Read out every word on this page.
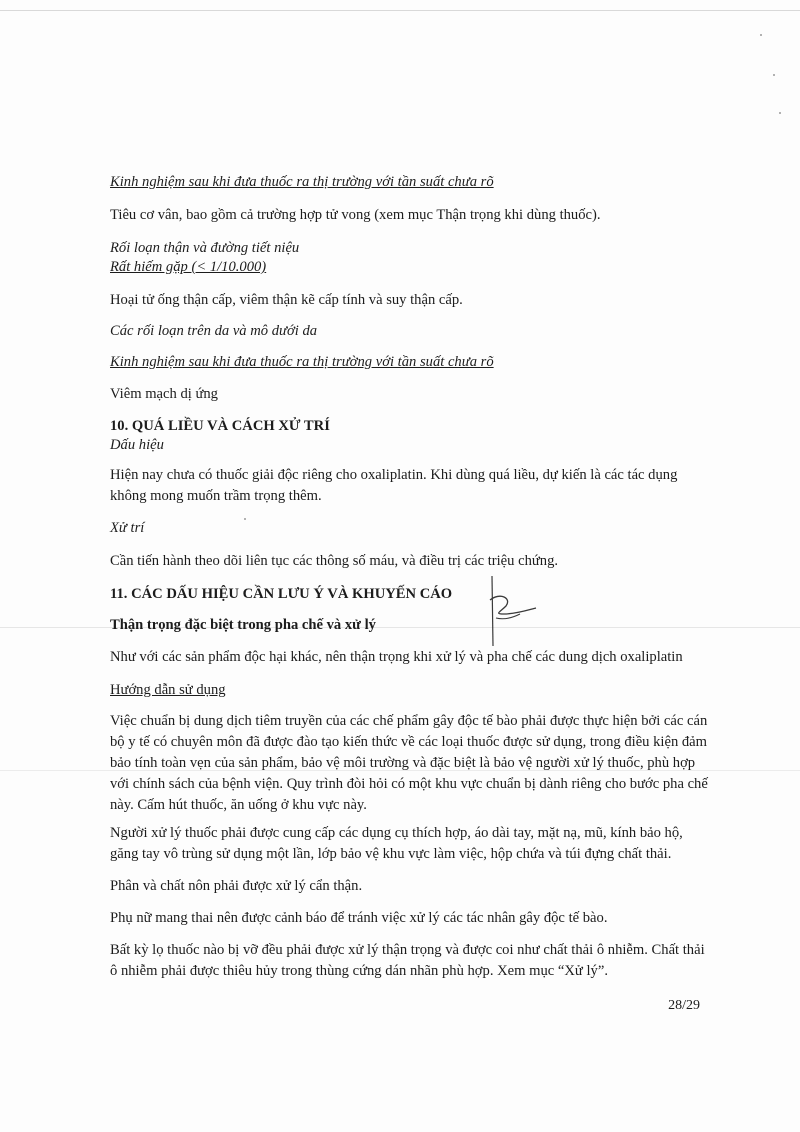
Kinh nghiệm sau khi đưa thuốc ra thị trường với tần suất chưa rõ
Tiêu cơ vân, bao gồm cả trường hợp tử vong (xem mục Thận trọng khi dùng thuốc).
Rối loạn thận và đường tiết niệu
Rất hiếm gặp (< 1/10.000)
Hoại tử ống thận cấp, viêm thận kẽ cấp tính và suy thận cấp.
Các rối loạn trên da và mô dưới da
Kinh nghiệm sau khi đưa thuốc ra thị trường với tần suất chưa rõ
Viêm mạch dị ứng
10. QUÁ LIỀU VÀ CÁCH XỬ TRÍ
Dấu hiệu
Hiện nay chưa có thuốc giải độc riêng cho oxaliplatin. Khi dùng quá liều, dự kiến là các tác dụng không mong muốn trầm trọng thêm.
Xử trí
Cần tiến hành theo dõi liên tục các thông số máu, và điều trị các triệu chứng.
11. CÁC DẤU HIỆU CẦN LƯU Ý VÀ KHUYẾN CÁO
Thận trọng đặc biệt trong pha chế và xử lý
Như với các sản phẩm độc hại khác, nên thận trọng khi xử lý và pha chế các dung dịch oxaliplatin
Hướng dẫn sử dụng
Việc chuẩn bị dung dịch tiêm truyền của các chế phẩm gây độc tế bào phải được thực hiện bởi các cán bộ y tế có chuyên môn đã được đào tạo kiến thức về các loại thuốc được sử dụng, trong điều kiện đảm bảo tính toàn vẹn của sản phẩm, bảo vệ môi trường và đặc biệt là bảo vệ người xử lý thuốc, phù hợp với chính sách của bệnh viện. Quy trình đòi hỏi có một khu vực chuẩn bị dành riêng cho bước pha chế này. Cấm hút thuốc, ăn uống ở khu vực này.
Người xử lý thuốc phải được cung cấp các dụng cụ thích hợp, áo dài tay, mặt nạ, mũ, kính bảo hộ, găng tay vô trùng sử dụng một lần, lớp bảo vệ khu vực làm việc, hộp chứa và túi đựng chất thải.
Phân và chất nôn phải được xử lý cẩn thận.
Phụ nữ mang thai nên được cảnh báo để tránh việc xử lý các tác nhân gây độc tế bào.
Bất kỳ lọ thuốc nào bị vỡ đều phải được xử lý thận trọng và được coi như chất thải ô nhiễm. Chất thải ô nhiễm phải được thiêu hủy trong thùng cứng dán nhãn phù hợp. Xem mục “Xử lý”.
28/29
